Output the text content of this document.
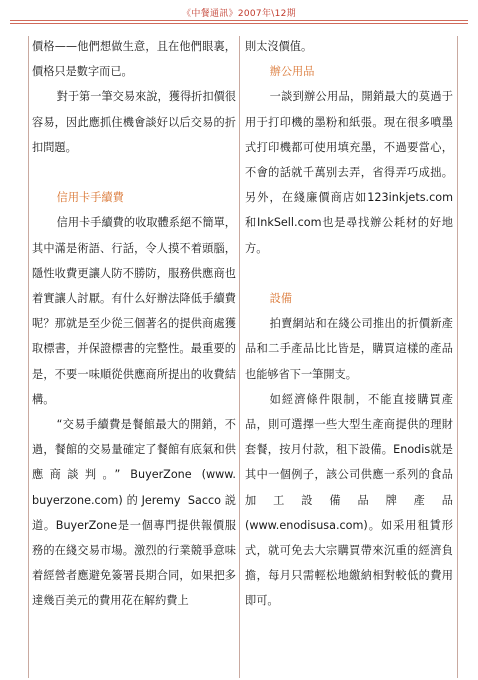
《中餐通訊》2007年\12期

價格——他們想做生意，且在他們眼裏，價格只是數字而已。

對于第一筆交易來說，獲得折扣價很容易，因此應抓住機會談好以后交易的折扣問題。

信用卡手續費

信用卡手續費的收取體系絕不簡單，其中滿是術語、行話，令人摸不着頭腦，隱性收費更讓人防不勝防，服務供應商也着實讓人討厭。有什么好辦法降低手續費呢？那就是至少從三個著名的提供商處獲取標書，并保證標書的完整性。最重要的是，不要一味順從供應商所提出的收費結構。

“交易手續費是餐館最大的開銷，不過，餐館的交易量確定了餐館有底氣和供應商談判。” BuyerZone (www. buyerzone.com)的Jeremy Sacco説道。BuyerZone是一個專門提供報價服務的在綫交易市場。激烈的行業競爭意味着經營者應避免簽署長期合同，如果把多達幾百美元的費用花在解約費上

則太沒價值。

辦公用品

一談到辦公用品，開銷最大的莫過于用于打印機的墨粉和紙張。現在很多噴墨式打印機都可使用填充墨，不過要當心，不會的話就千萬别去弄，省得弄巧成拙。另外，在綫廉價商店如123inkjets.com和InkSell.com也是尋找辦公耗材的好地方。

設備

拍賣網站和在綫公司推出的折價新產品和二手產品比比皆是，購買這樣的產品也能够省下一筆開支。

如經濟條件限制，不能直接購買產品，則可選擇一些大型生產商提供的理財套餐，按月付款，租下設備。Enodis就是其中一個例子，該公司供應一系列的食品加工設備品牌產品(www.enodisusa.com)。如采用租賃形式，就可免去大宗購買帶來沉重的經濟負擔，每月只需輕松地繳納相對較低的費用即可。
